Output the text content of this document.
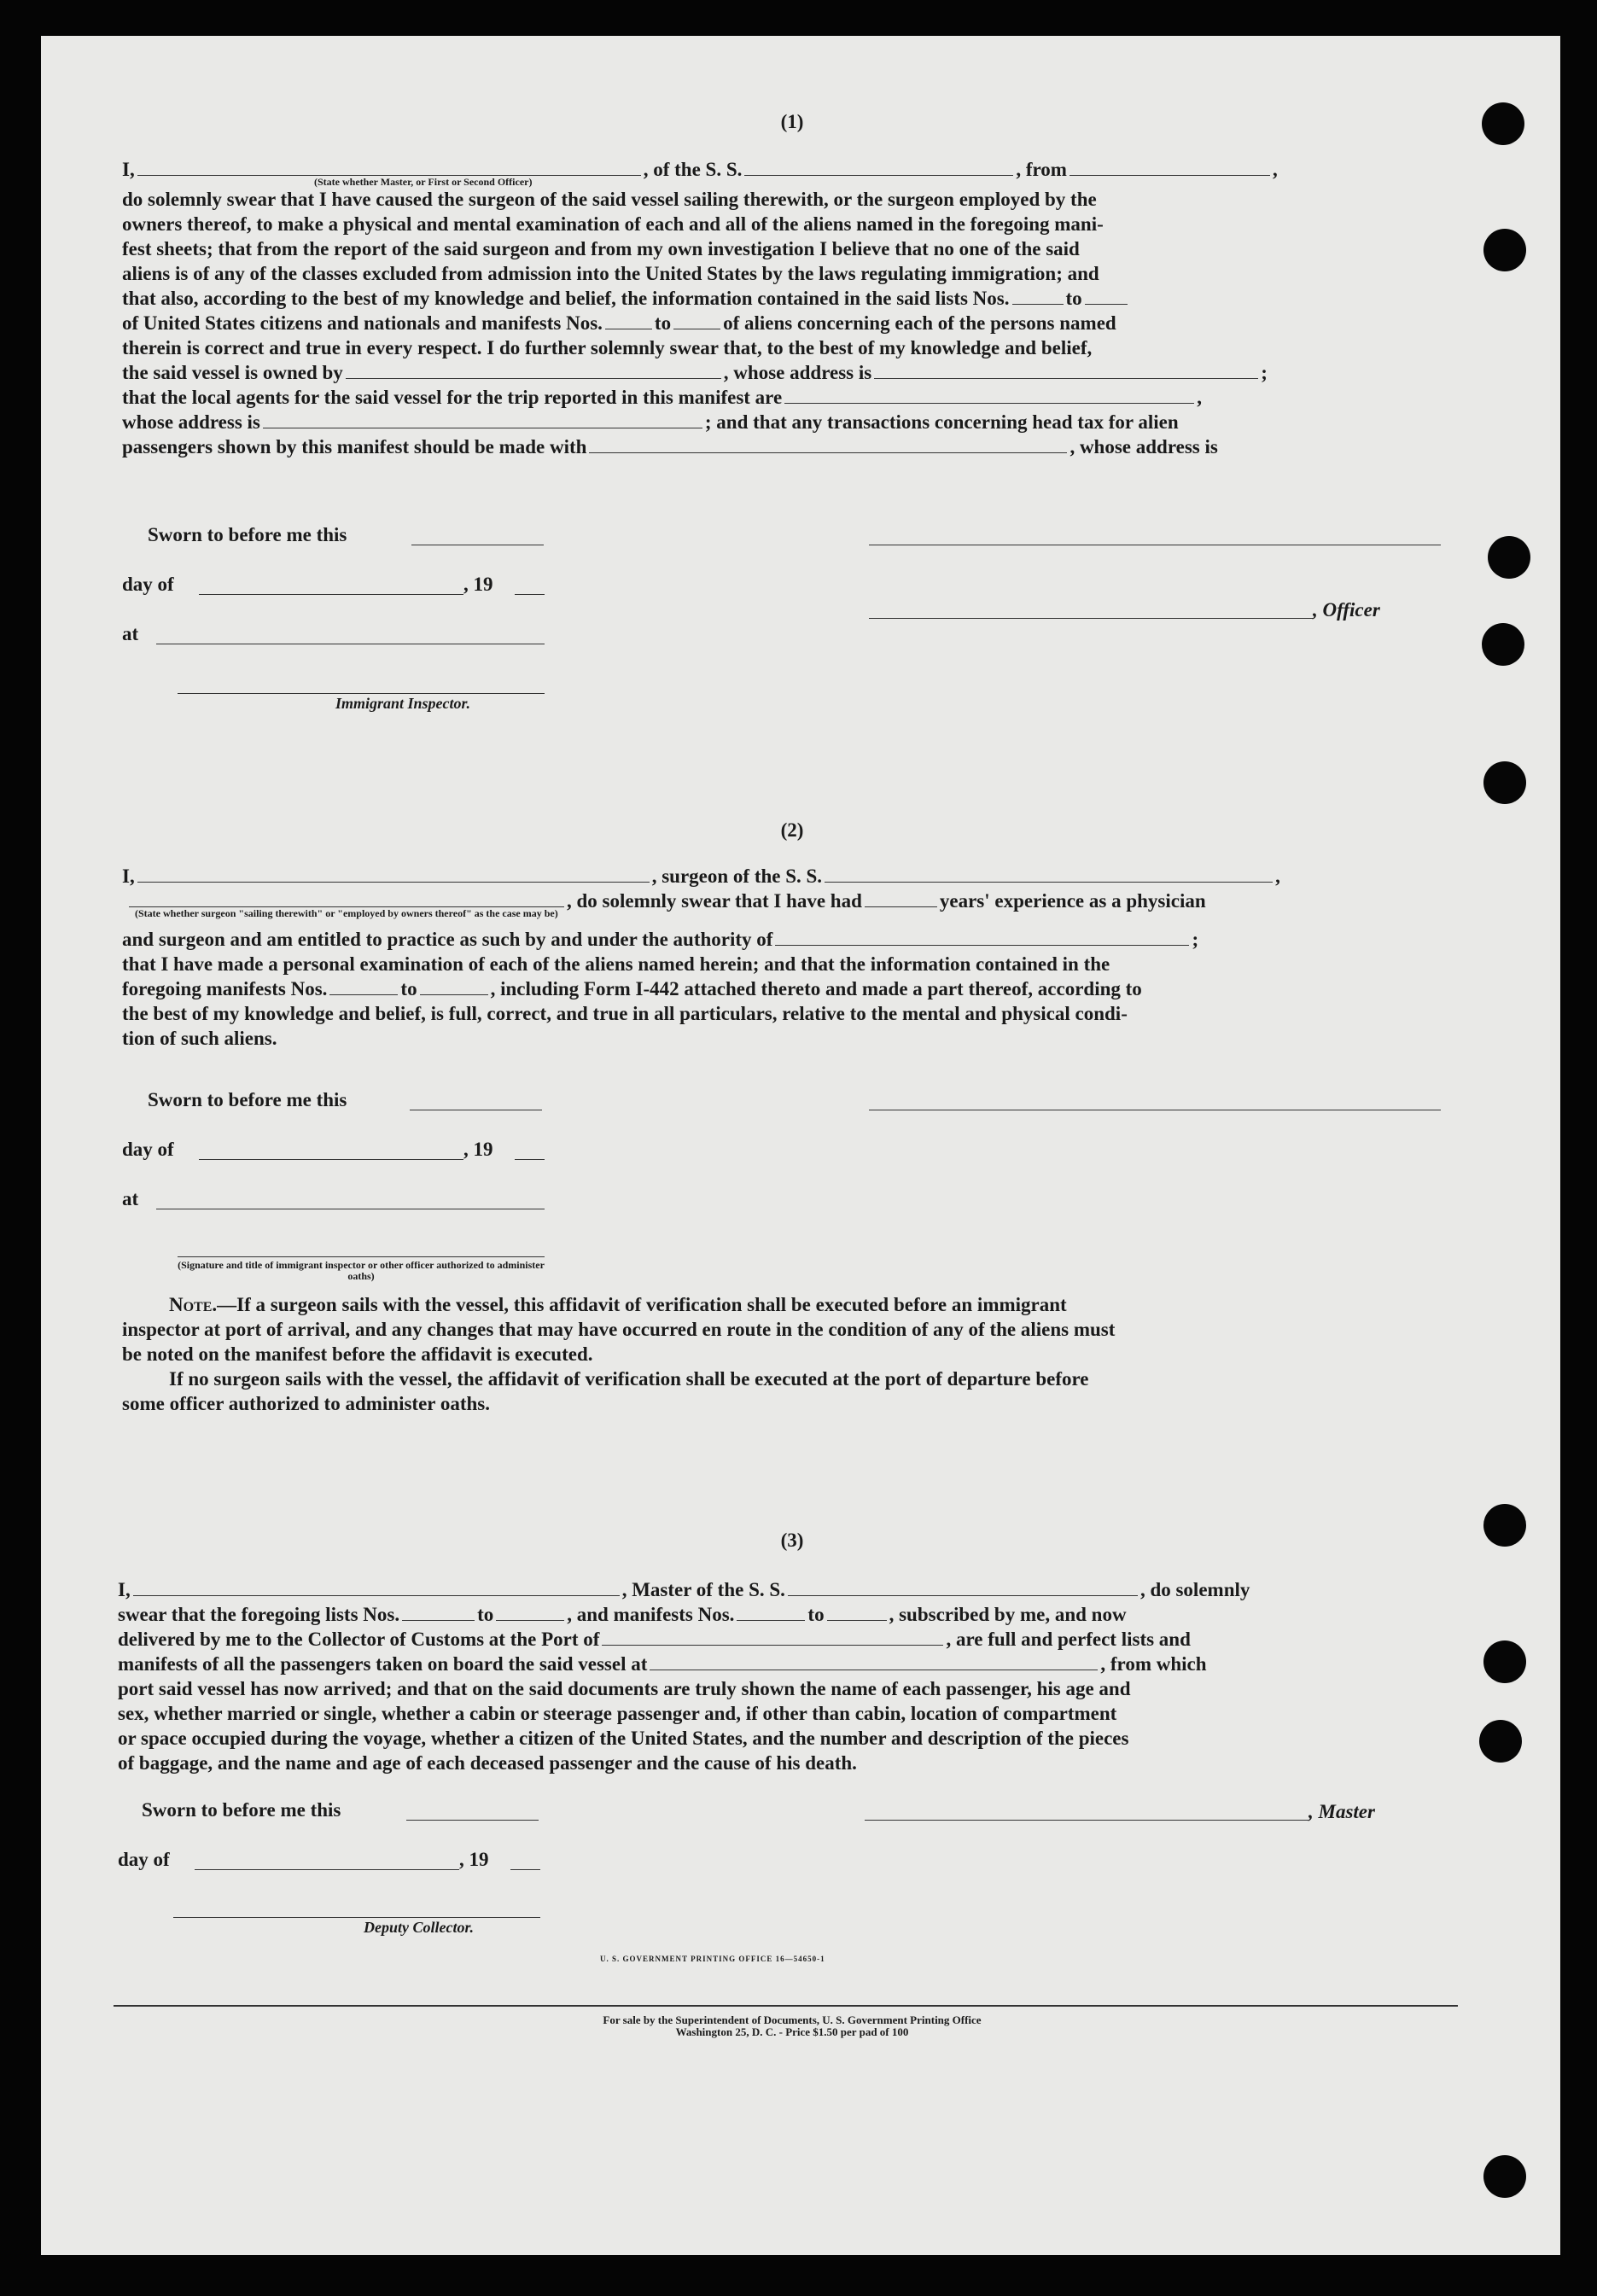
(1)
I,	, of the S. S.	, from	,
(State whether Master, or First or Second Officer)
do solemnly swear that I have caused the surgeon of the said vessel sailing therewith, or the surgeon employed by the
owners thereof, to make a physical and mental examination of each and all of the aliens named in the foregoing mani-
fest sheets; that from the report of the said surgeon and from my own investigation I believe that no one of the said
aliens is of any of the classes excluded from admission into the United States by the laws regulating immigration; and
that also, according to the best of my knowledge and belief, the information contained in the said lists Nos.	to
of United States citizens and nationals and manifests Nos.	to	of aliens concerning each of the persons named
therein is correct and true in every respect. I do further solemnly swear that, to the best of my knowledge and belief,
the said vessel is owned by	, whose address is	;
that the local agents for the said vessel for the trip reported in this manifest are	,
whose address is	; and that any transactions concerning head tax for alien
passengers shown by this manifest should be made with	, whose address is
Sworn to before me this
day of	, 19
, Officer
at
Immigrant Inspector.
(2)
I,	, surgeon of the S. S.	,
, do solemnly swear that I have had	years' experience as a physician
(State whether surgeon "sailing therewith" or "employed by owners thereof" as the case may be)
and surgeon and am entitled to practice as such by and under the authority of	;
that I have made a personal examination of each of the aliens named herein; and that the information contained in the
foregoing manifests Nos.	to	, including Form I-442 attached thereto and made a part thereof, according to
the best of my knowledge and belief, is full, correct, and true in all particulars, relative to the mental and physical condi-
tion of such aliens.
Sworn to before me this
day of	, 19
at
(Signature and title of immigrant inspector or other officer authorized to administer oaths)
Note.—If a surgeon sails with the vessel, this affidavit of verification shall be executed before an immigrant
inspector at port of arrival, and any changes that may have occurred en route in the condition of any of the aliens must
be noted on the manifest before the affidavit is executed.
If no surgeon sails with the vessel, the affidavit of verification shall be executed at the port of departure before
some officer authorized to administer oaths.
(3)
I,	, Master of the S. S.	, do solemnly
swear that the foregoing lists Nos.	to	, and manifests Nos.	to	, subscribed by me, and now
delivered by me to the Collector of Customs at the Port of	, are full and perfect lists and
manifests of all the passengers taken on board the said vessel at	, from which
port said vessel has now arrived; and that on the said documents are truly shown the name of each passenger, his age and
sex, whether married or single, whether a cabin or steerage passenger and, if other than cabin, location of compartment
or space occupied during the voyage, whether a citizen of the United States, and the number and description of the pieces
of baggage, and the name and age of each deceased passenger and the cause of his death.
Sworn to before me this	, Master
day of	, 19
Deputy Collector.
U. S. GOVERNMENT PRINTING OFFICE 16—54650-1
For sale by the Superintendent of Documents, U. S. Government Printing Office
Washington 25, D. C. - Price $1.50 per pad of 100
